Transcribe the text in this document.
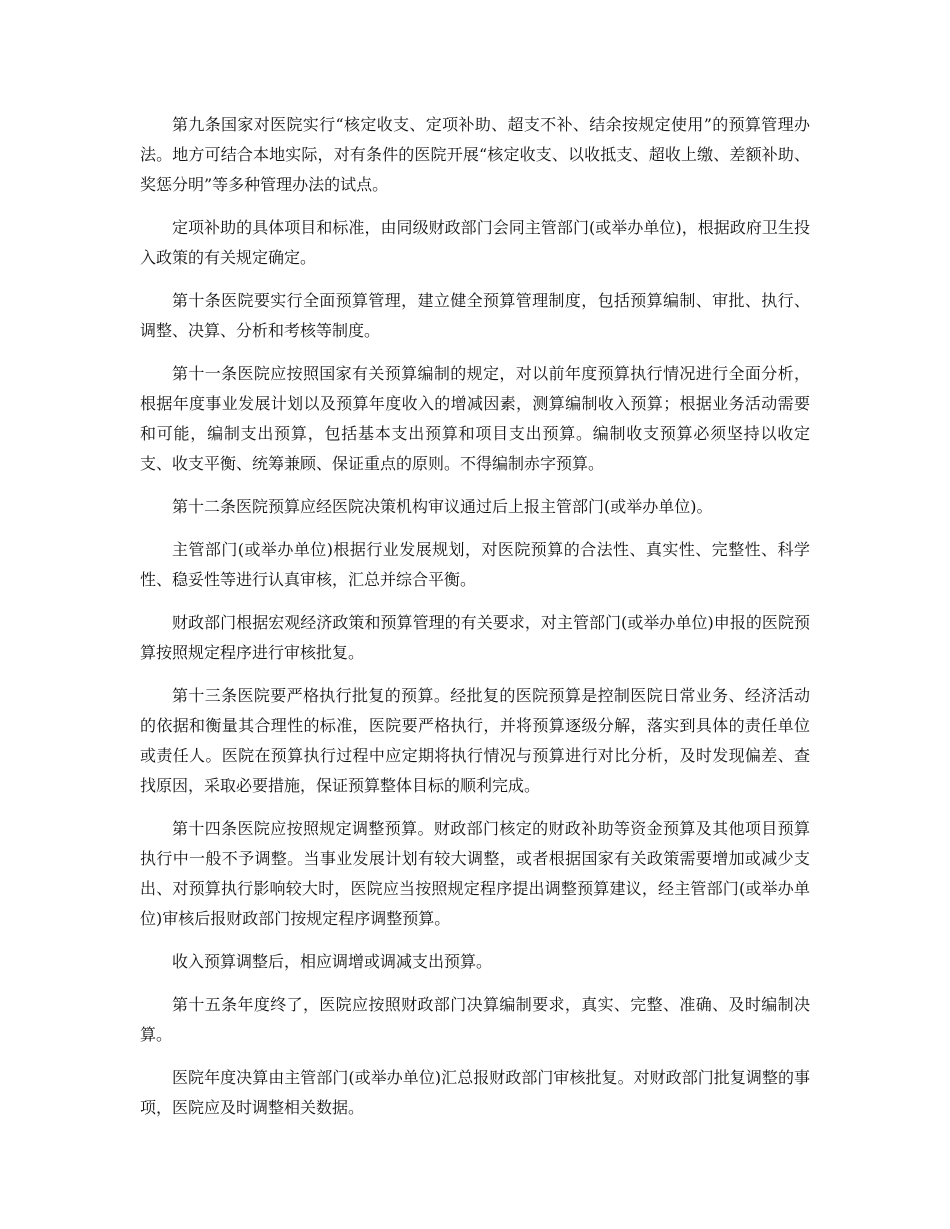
第九条国家对医院实行“核定收支、定项补助、超支不补、结余按规定使用”的预算管理办法。地方可结合本地实际，对有条件的医院开展“核定收支、以收抵支、超收上缴、差额补助、奖惩分明”等多种管理办法的试点。

定项补助的具体项目和标准，由同级财政部门会同主管部门(或举办单位)，根据政府卫生投入政策的有关规定确定。

第十条医院要实行全面预算管理，建立健全预算管理制度，包括预算编制、审批、执行、调整、决算、分析和考核等制度。

第十一条医院应按照国家有关预算编制的规定，对以前年度预算执行情况进行全面分析，根据年度事业发展计划以及预算年度收入的增减因素，测算编制收入预算；根据业务活动需要和可能，编制支出预算，包括基本支出预算和项目支出预算。编制收支预算必须坚持以收定支、收支平衡、统筹兼顾、保证重点的原则。不得编制赤字预算。

第十二条医院预算应经医院决策机构审议通过后上报主管部门(或举办单位)。

主管部门(或举办单位)根据行业发展规划，对医院预算的合法性、真实性、完整性、科学性、稳妥性等进行认真审核，汇总并综合平衡。

财政部门根据宏观经济政策和预算管理的有关要求，对主管部门(或举办单位)申报的医院预算按照规定程序进行审核批复。

第十三条医院要严格执行批复的预算。经批复的医院预算是控制医院日常业务、经济活动的依据和衡量其合理性的标准，医院要严格执行，并将预算逐级分解，落实到具体的责任单位或责任人。医院在预算执行过程中应定期将执行情况与预算进行对比分析，及时发现偏差、查找原因，采取必要措施，保证预算整体目标的顺利完成。

第十四条医院应按照规定调整预算。财政部门核定的财政补助等资金预算及其他项目预算执行中一般不予调整。当事业发展计划有较大调整，或者根据国家有关政策需要增加或减少支出、对预算执行影响较大时，医院应当按照规定程序提出调整预算建议，经主管部门(或举办单位)审核后报财政部门按规定程序调整预算。

收入预算调整后，相应调增或调减支出预算。

第十五条年度终了，医院应按照财政部门决算编制要求，真实、完整、准确、及时编制决算。

医院年度决算由主管部门(或举办单位)汇总报财政部门审核批复。对财政部门批复调整的事项，医院应及时调整相关数据。
